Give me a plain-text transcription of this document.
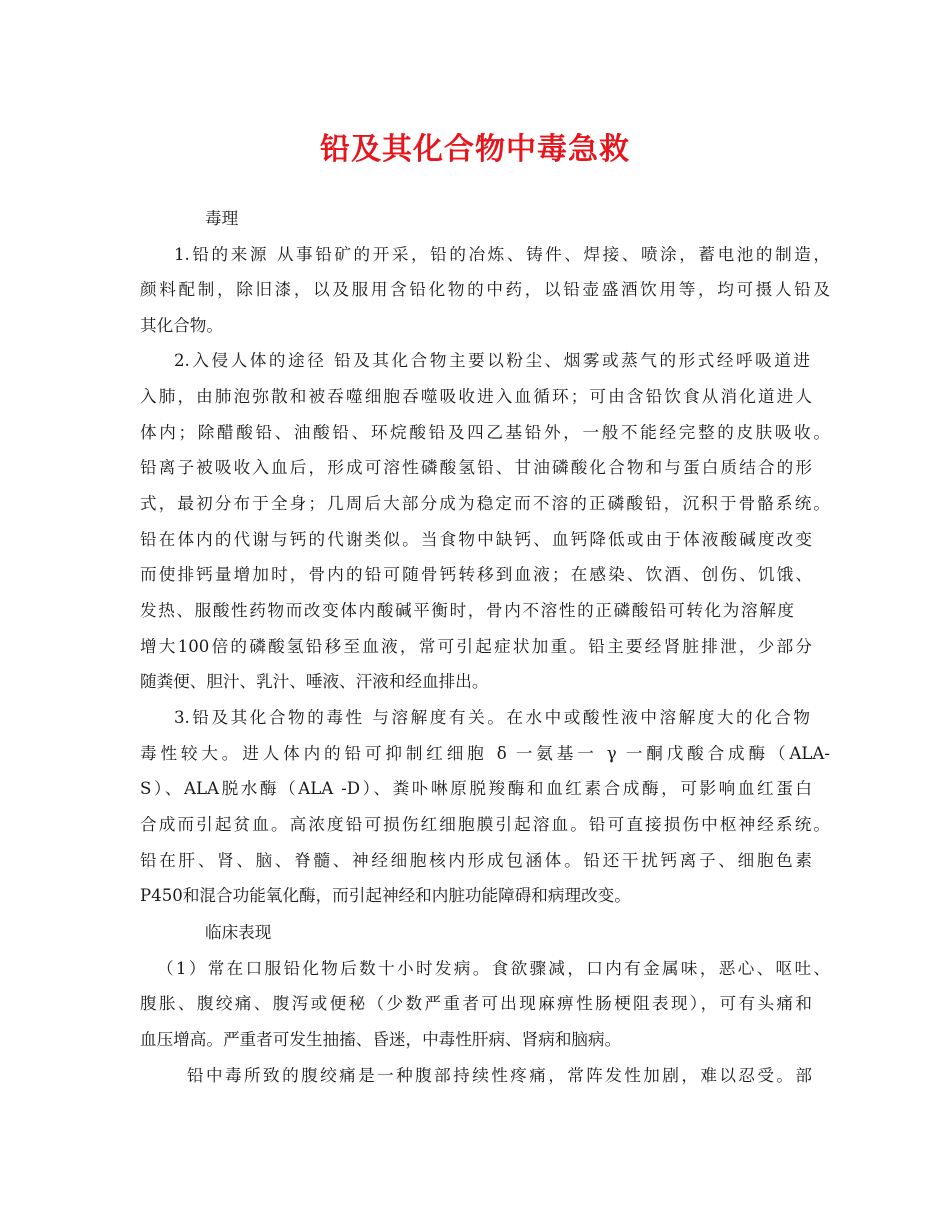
铅及其化合物中毒急救
毒理
1.铅的来源 从事铅矿的开采，铅的冶炼、铸件、焊接、喷涂，蓄电池的制造，
颜料配制，除旧漆，以及服用含铅化物的中药，以铅壶盛酒饮用等，均可摄人铅及
其化合物。
2.入侵人体的途径 铅及其化合物主要以粉尘、烟雾或蒸气的形式经呼吸道进
入肺，由肺泡弥散和被吞噬细胞吞噬吸收进入血循环；可由含铅饮食从消化道进人
体内；除醋酸铅、油酸铅、环烷酸铅及四乙基铅外，一般不能经完整的皮肤吸收。
铅离子被吸收入血后，形成可溶性磷酸氢铅、甘油磷酸化合物和与蛋白质结合的形
式，最初分布于全身；几周后大部分成为稳定而不溶的正磷酸铅，沉积于骨骼系统。
铅在体内的代谢与钙的代谢类似。当食物中缺钙、血钙降低或由于体液酸碱度改变
而使排钙量增加时，骨内的铅可随骨钙转移到血液；在感染、饮酒、创伤、饥饿、
发热、服酸性药物而改变体内酸碱平衡时，骨内不溶性的正磷酸铅可转化为溶解度
增大100倍的磷酸氢铅移至血液，常可引起症状加重。铅主要经肾脏排泄，少部分
随粪便、胆汁、乳汁、唾液、汗液和经血排出。
3.铅及其化合物的毒性 与溶解度有关。在水中或酸性液中溶解度大的化合物
毒性较大。进人体内的铅可抑制红细胞 δ 一氨基一 γ 一酮戊酸合成酶（ALA-
S）、ALA脱水酶（ALA -D）、粪卟啉原脱羧酶和血红素合成酶，可影响血红蛋白
合成而引起贫血。高浓度铅可损伤红细胞膜引起溶血。铅可直接损伤中枢神经系统。
铅在肝、肾、脑、脊髓、神经细胞核内形成包涵体。铅还干扰钙离子、细胞色素
P450和混合功能氧化酶，而引起神经和内脏功能障碍和病理改变。
临床表现
（1）常在口服铅化物后数十小时发病。食欲骤减，口内有金属味，恶心、呕吐、
腹胀、腹绞痛、腹泻或便秘（少数严重者可出现麻痹性肠梗阻表现），可有头痛和
血压增高。严重者可发生抽搐、昏迷，中毒性肝病、肾病和脑病。
铅中毒所致的腹绞痛是一种腹部持续性疼痛，常阵发性加剧，难以忍受。部
